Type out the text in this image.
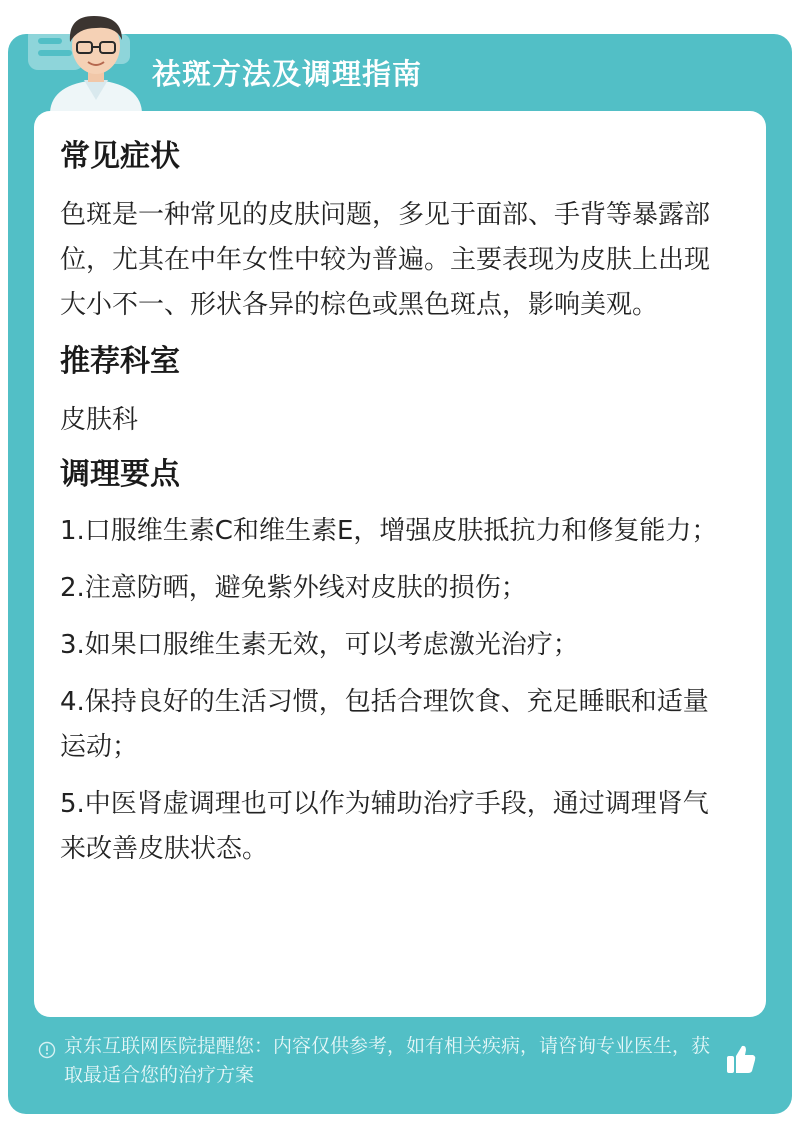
祛斑方法及调理指南
常见症状

色斑是一种常见的皮肤问题，多见于面部、手背等暴露部位，尤其在中年女性中较为普遍。主要表现为皮肤上出现大小不一、形状各异的棕色或黑色斑点，影响美观。

推荐科室

皮肤科

调理要点

1.口服维生素C和维生素E，增强皮肤抵抗力和修复能力；

2.注意防晒，避免紫外线对皮肤的损伤；

3.如果口服维生素无效，可以考虑激光治疗；

4.保持良好的生活习惯，包括合理饮食、充足睡眠和适量运动；

5.中医肾虚调理也可以作为辅助治疗手段，通过调理肾气来改善皮肤状态。

京东互联网医院提醒您：内容仅供参考，如有相关疾病，请咨询专业医生，获取最适合您的治疗方案
